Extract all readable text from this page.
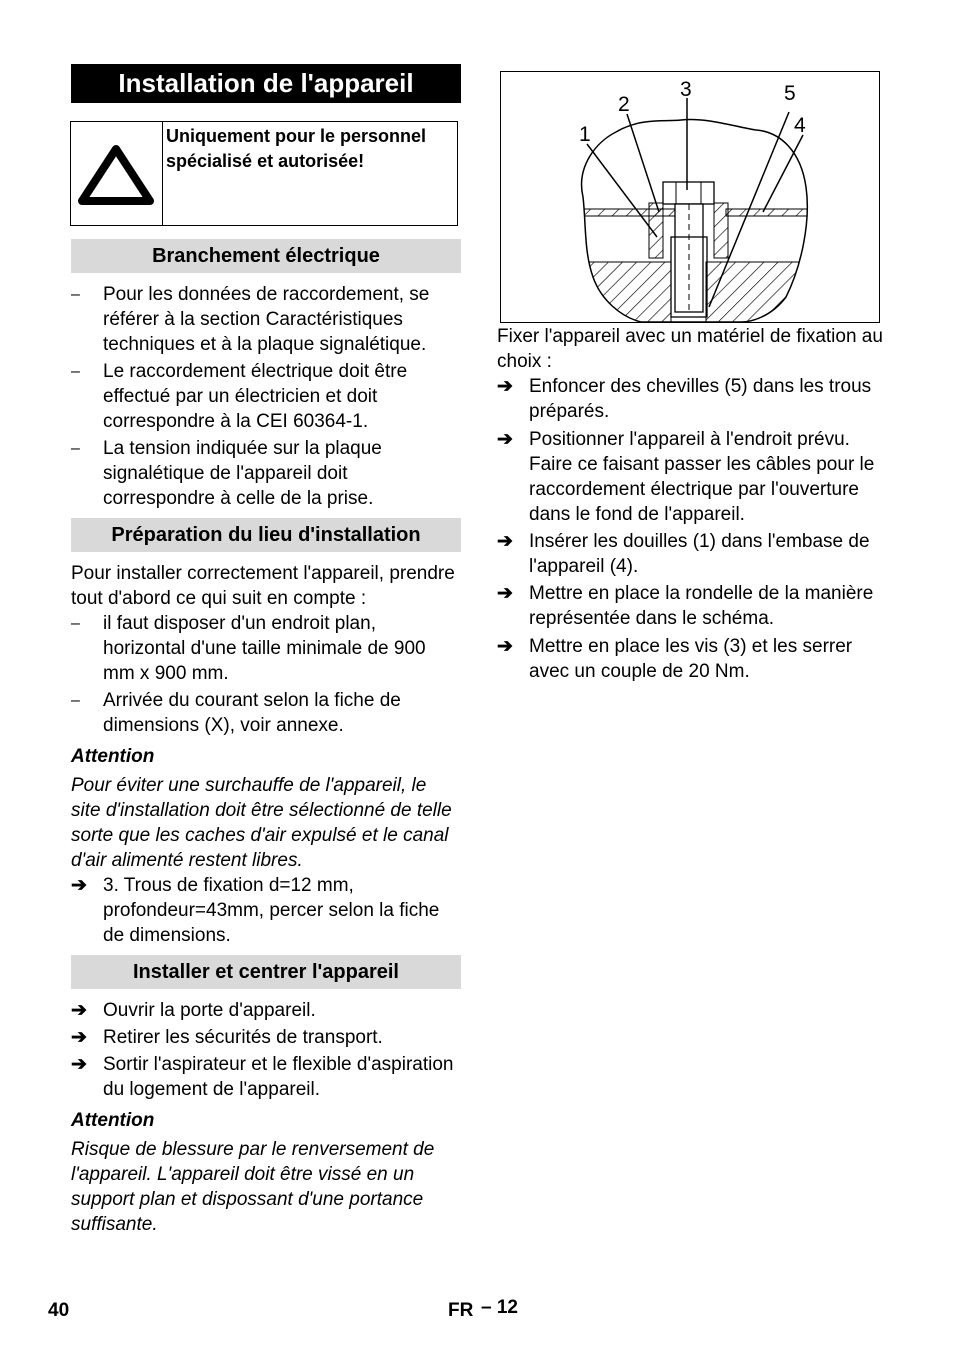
Installation de l'appareil
Uniquement pour le personnel spécialisé et autorisée!
Branchement électrique
–	Pour les données de raccordement, se référer à la section Caractéristiques techniques et à la plaque signalétique.
–	Le raccordement électrique doit être effectué par un électricien et doit correspondre à la CEI 60364-1.
–	La tension indiquée sur la plaque signalétique de l'appareil doit correspondre à celle de la prise.
Préparation du lieu d'installation
Pour installer correctement l'appareil, prendre tout d'abord ce qui suit en compte :
–	il faut disposer d'un endroit plan, horizontal d'une taille minimale de 900 mm x 900 mm.
–	Arrivée du courant selon la fiche de dimensions (X), voir annexe.
Attention
Pour éviter une surchauffe de l'appareil, le site d'installation doit être sélectionné de telle sorte que les caches d'air expulsé et le canal d'air alimenté restent libres.
➔ 3. Trous de fixation d=12 mm, profondeur=43mm, percer selon la fiche de dimensions.
Installer et centrer l'appareil
➔ Ouvrir la porte d'appareil.
➔ Retirer les sécurités de transport.
➔ Sortir l'aspirateur et le flexible d'aspiration du logement de l'appareil.
Attention
Risque de blessure par le renversement de l'appareil. L'appareil doit être vissé en un support plan et dispossant d'une portance suffisante.
1
2
3
4
5
Fixer l'appareil avec un matériel de fixation au choix :
➔ Enfoncer des chevilles (5) dans les trous préparés.
➔ Positionner l'appareil à l'endroit prévu. Faire ce faisant passer les câbles pour le raccordement électrique par l'ouverture dans le fond de l'appareil.
➔ Insérer les douilles (1) dans l'embase de l'appareil (4).
➔ Mettre en place la rondelle de la manière représentée dans le schéma.
➔ Mettre en place les vis (3) et les serrer avec un couple de 20 Nm.
40	FR – 12
